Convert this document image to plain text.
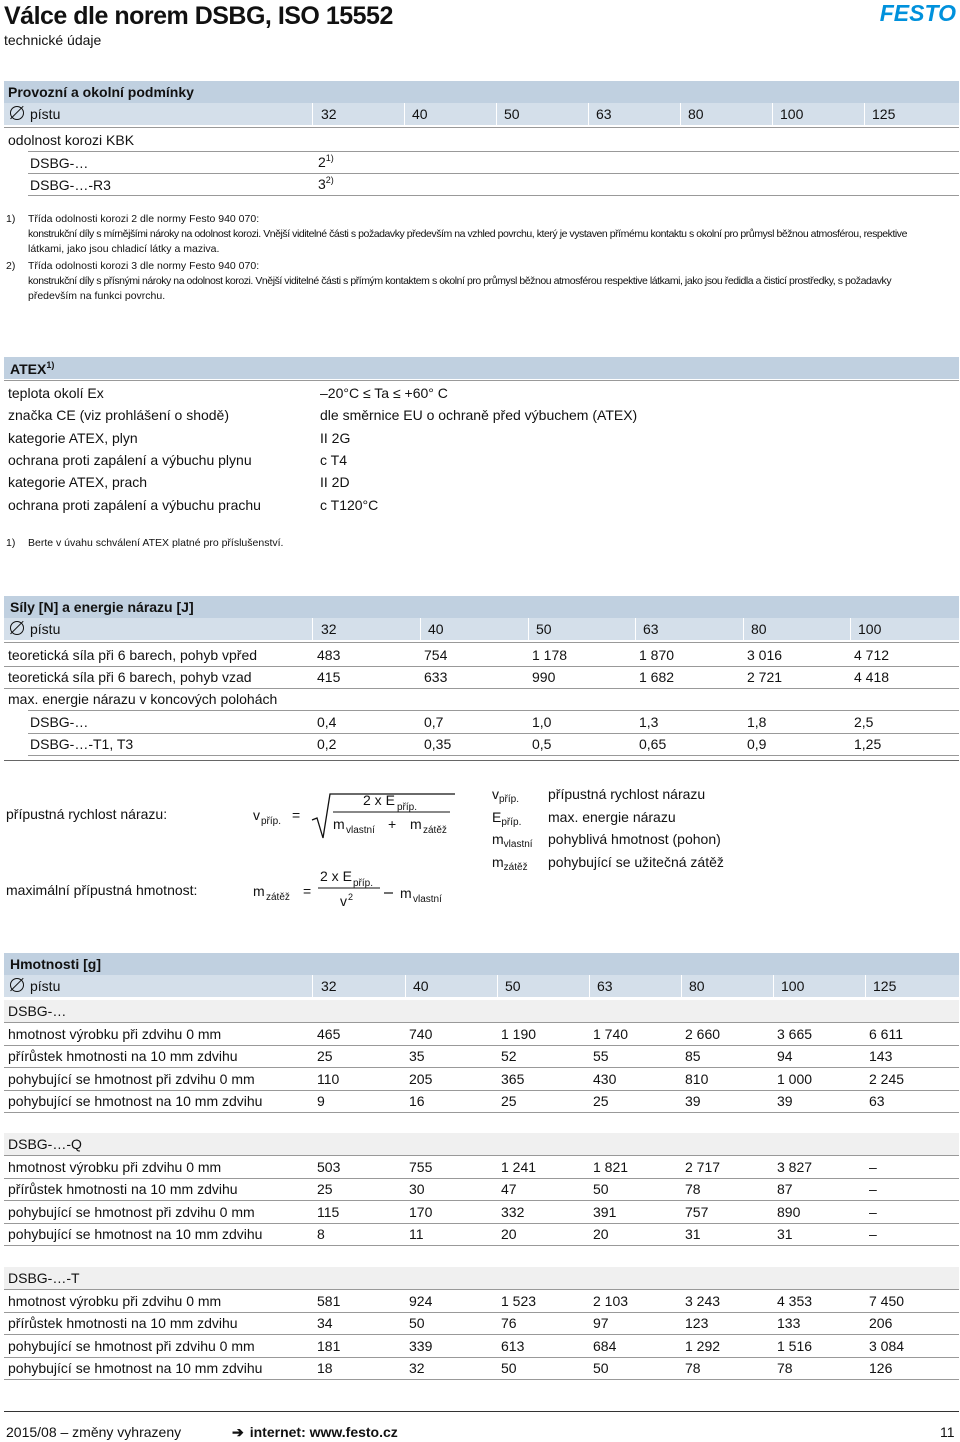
Válce dle norem DSBG, ISO 15552
technické údaje
FESTO
Provozní a okolní podmínky
pístu	32	40	50	63	80	100	125
odolnost korozi KBK
DSBG-…	2$^{1)}$
DSBG-…-R3	3$^{2)}$
1) Třída odolnosti korozi 2 dle normy Festo 940 070:
konstrukční díly s mírnějšími nároky na odolnost korozi. Vnější viditelné části s požadavky především na vzhled povrchu, který je vystaven přímému kontaktu s okolní pro průmysl běžnou atmosférou, respektive
látkami, jako jsou chladicí látky a maziva.
2) Třída odolnosti korozi 3 dle normy Festo 940 070:
konstrukční díly s přísnými nároky na odolnost korozi. Vnější viditelné části s přímým kontaktem s okolní pro průmysl běžnou atmosférou respektive látkami, jako jsou ředidla a čisticí prostředky, s požadavky
především na funkci povrchu.
ATEX$^{1)}$
teplota okolí Ex	–20°C ≤ Ta ≤ +60° C
značka CE (viz prohlášení o shodě)	dle směrnice EU o ochraně před výbuchem (ATEX)
kategorie ATEX, plyn	II 2G
ochrana proti zapálení a výbuchu plynu	c T4
kategorie ATEX, prach	II 2D
ochrana proti zapálení a výbuchu prachu	c T120°C
1) Berte v úvahu schválení ATEX platné pro příslušenství.
Síly [N] a energie nárazu [J]
pístu	32	40	50	63	80	100
teoretická síla při 6 barech, pohyb vpřed	483	754	1 178	1 870	3 016	4 712
teoretická síla při 6 barech, pohyb vzad	415	633	990	1 682	2 721	4 418
max. energie nárazu v koncových polohách
DSBG-…	0,4	0,7	1,0	1,3	1,8	2,5
DSBG-…-T1, T3	0,2	0,35	0,5	0,65	0,9	1,25
přípustná rychlost nárazu:
maximální přípustná hmotnost:
v příp. =
2 x E příp.
m vlastní + m zátěž
m zátěž =
2 x E příp.
v 2	m vlastní
$v_{příp.}$ přípustná rychlost nárazu
$E_{příp.}$ max. energie nárazu
$m_{vlastní}$ pohyblivá hmotnost (pohon)
$m_{zátěž}$ pohybující se užitečná zátěž
Hmotnosti [g]
pístu	32	40	50	63	80	100	125
DSBG-…
hmotnost výrobku při zdvihu 0 mm	465	740	1 190	1 740	2 660	3 665	6 611
přírůstek hmotnosti na 10 mm zdvihu	25	35	52	55	85	94	143
pohybující se hmotnost při zdvihu 0 mm	110	205	365	430	810	1 000	2 245
pohybující se hmotnost na 10 mm zdvihu	9	16	25	25	39	39	63
DSBG-…-Q
hmotnost výrobku při zdvihu 0 mm	503	755	1 241	1 821	2 717	3 827	–
přírůstek hmotnosti na 10 mm zdvihu	25	30	47	50	78	87	–
pohybující se hmotnost při zdvihu 0 mm	115	170	332	391	757	890	–
pohybující se hmotnost na 10 mm zdvihu	8	11	20	20	31	31	–
DSBG-…-T
hmotnost výrobku při zdvihu 0 mm	581	924	1 523	2 103	3 243	4 353	7 450
přírůstek hmotnosti na 10 mm zdvihu	34	50	76	97	123	133	206
pohybující se hmotnost při zdvihu 0 mm	181	339	613	684	1 292	1 516	3 084
pohybující se hmotnost na 10 mm zdvihu	18	32	50	50	78	78	126
2015/08 – změny vyhrazeny	➔ internet: www.festo.cz	11
